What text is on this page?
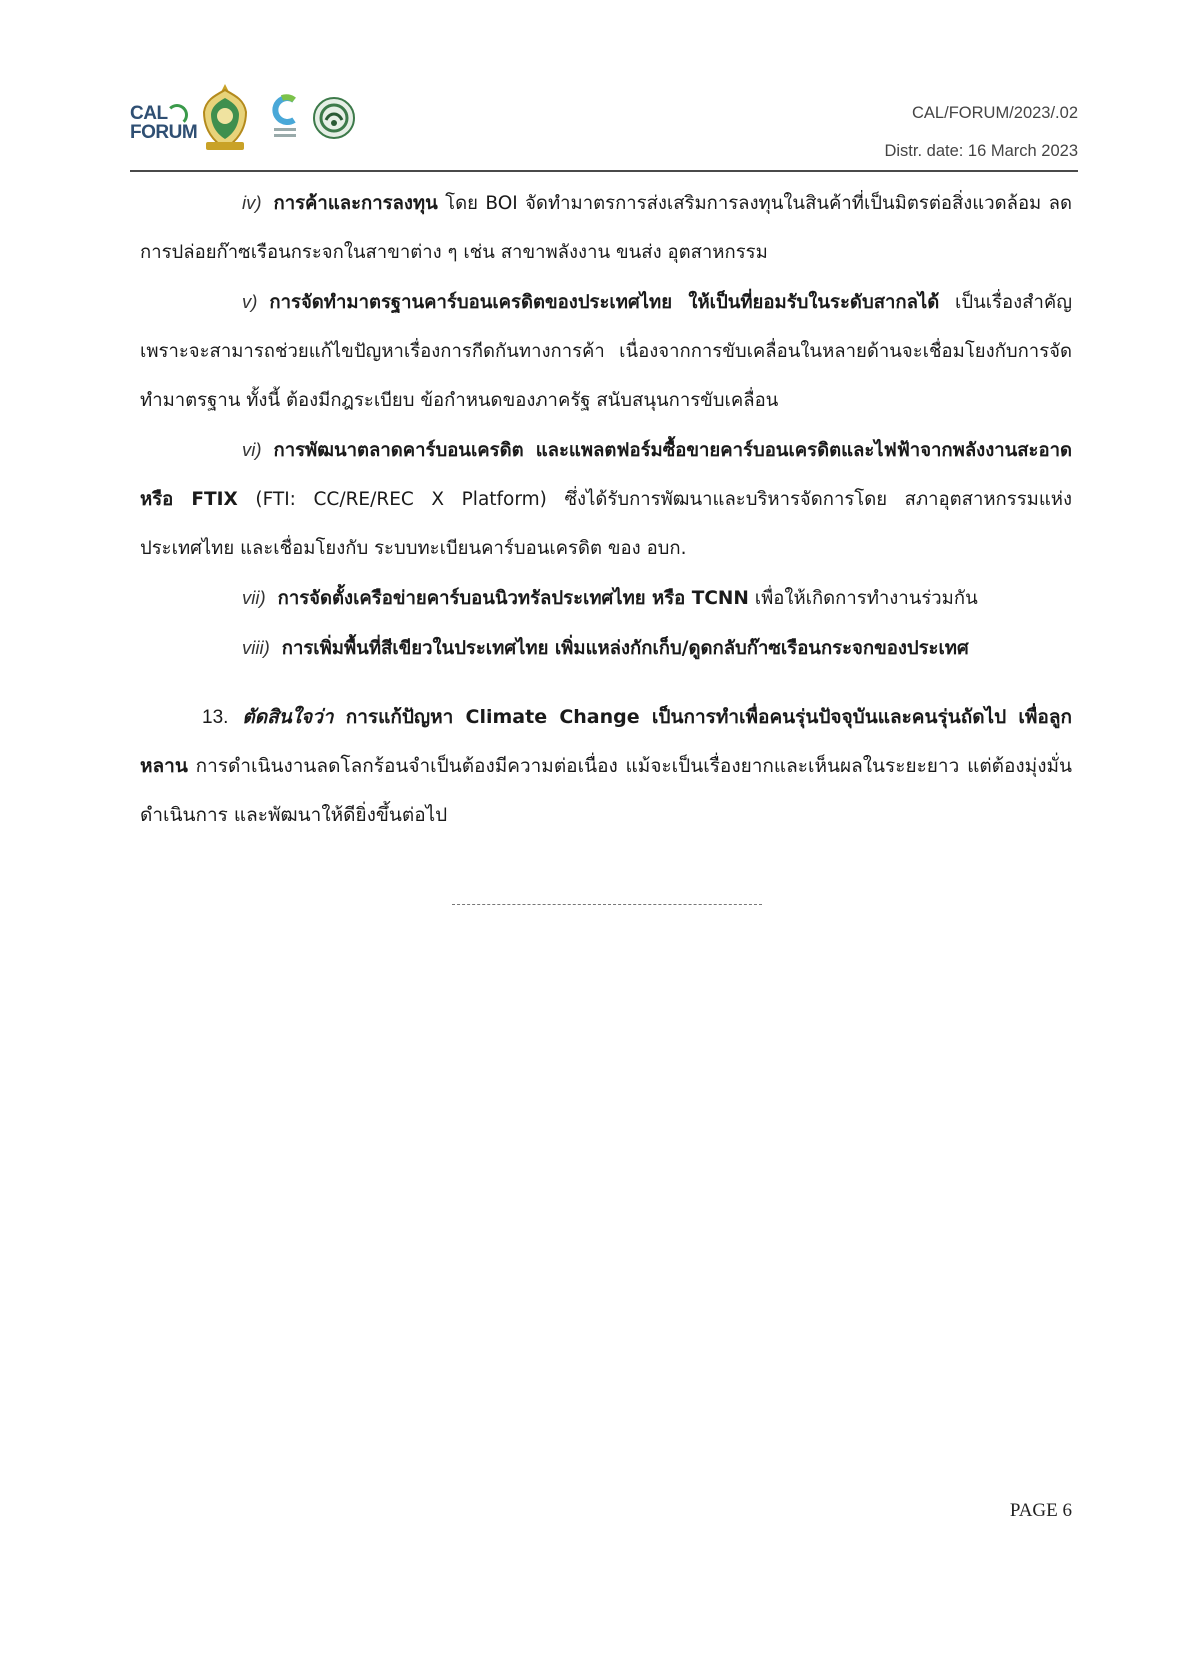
CAL
FORUM
CAL/FORUM/2023/.02
Distr. date: 16 March 2023

iv) การค้าและการลงทุน โดย BOI จัดทำมาตรการส่งเสริมการลงทุนในสินค้าที่เป็นมิตรต่อสิ่งแวดล้อม ลดการปล่อยก๊าซเรือนกระจกในสาขาต่าง ๆ เช่น สาขาพลังงาน ขนส่ง อุตสาหกรรม

v) การจัดทำมาตรฐานคาร์บอนเครดิตของประเทศไทย ให้เป็นที่ยอมรับในระดับสากลได้ เป็นเรื่องสำคัญ เพราะจะสามารถช่วยแก้ไขปัญหาเรื่องการกีดกันทางการค้า เนื่องจากการขับเคลื่อนในหลายด้านจะเชื่อมโยงกับการจัดทำมาตรฐาน ทั้งนี้ ต้องมีกฎระเบียบ ข้อกำหนดของภาครัฐ สนับสนุนการขับเคลื่อน

vi) การพัฒนาตลาดคาร์บอนเครดิต และแพลตฟอร์มซื้อขายคาร์บอนเครดิตและไฟฟ้าจากพลังงานสะอาด หรือ FTIX (FTI: CC/RE/REC X Platform) ซึ่งได้รับการพัฒนาและบริหารจัดการโดย สภาอุตสาหกรรมแห่งประเทศไทย และเชื่อมโยงกับ ระบบทะเบียนคาร์บอนเครดิต ของ อบก.

vii) การจัดตั้งเครือข่ายคาร์บอนนิวทรัลประเทศไทย หรือ TCNN เพื่อให้เกิดการทำงานร่วมกัน

viii) การเพิ่มพื้นที่สีเขียวในประเทศไทย เพิ่มแหล่งกักเก็บ/ดูดกลับก๊าซเรือนกระจกของประเทศ

13. ตัดสินใจว่า การแก้ปัญหา Climate Change เป็นการทำเพื่อคนรุ่นปัจจุบันและคนรุ่นถัดไป เพื่อลูกหลาน การดำเนินงานลดโลกร้อนจำเป็นต้องมีความต่อเนื่อง แม้จะเป็นเรื่องยากและเห็นผลในระยะยาว แต่ต้องมุ่งมั่นดำเนินการ และพัฒนาให้ดียิ่งขึ้นต่อไป

PAGE 6
